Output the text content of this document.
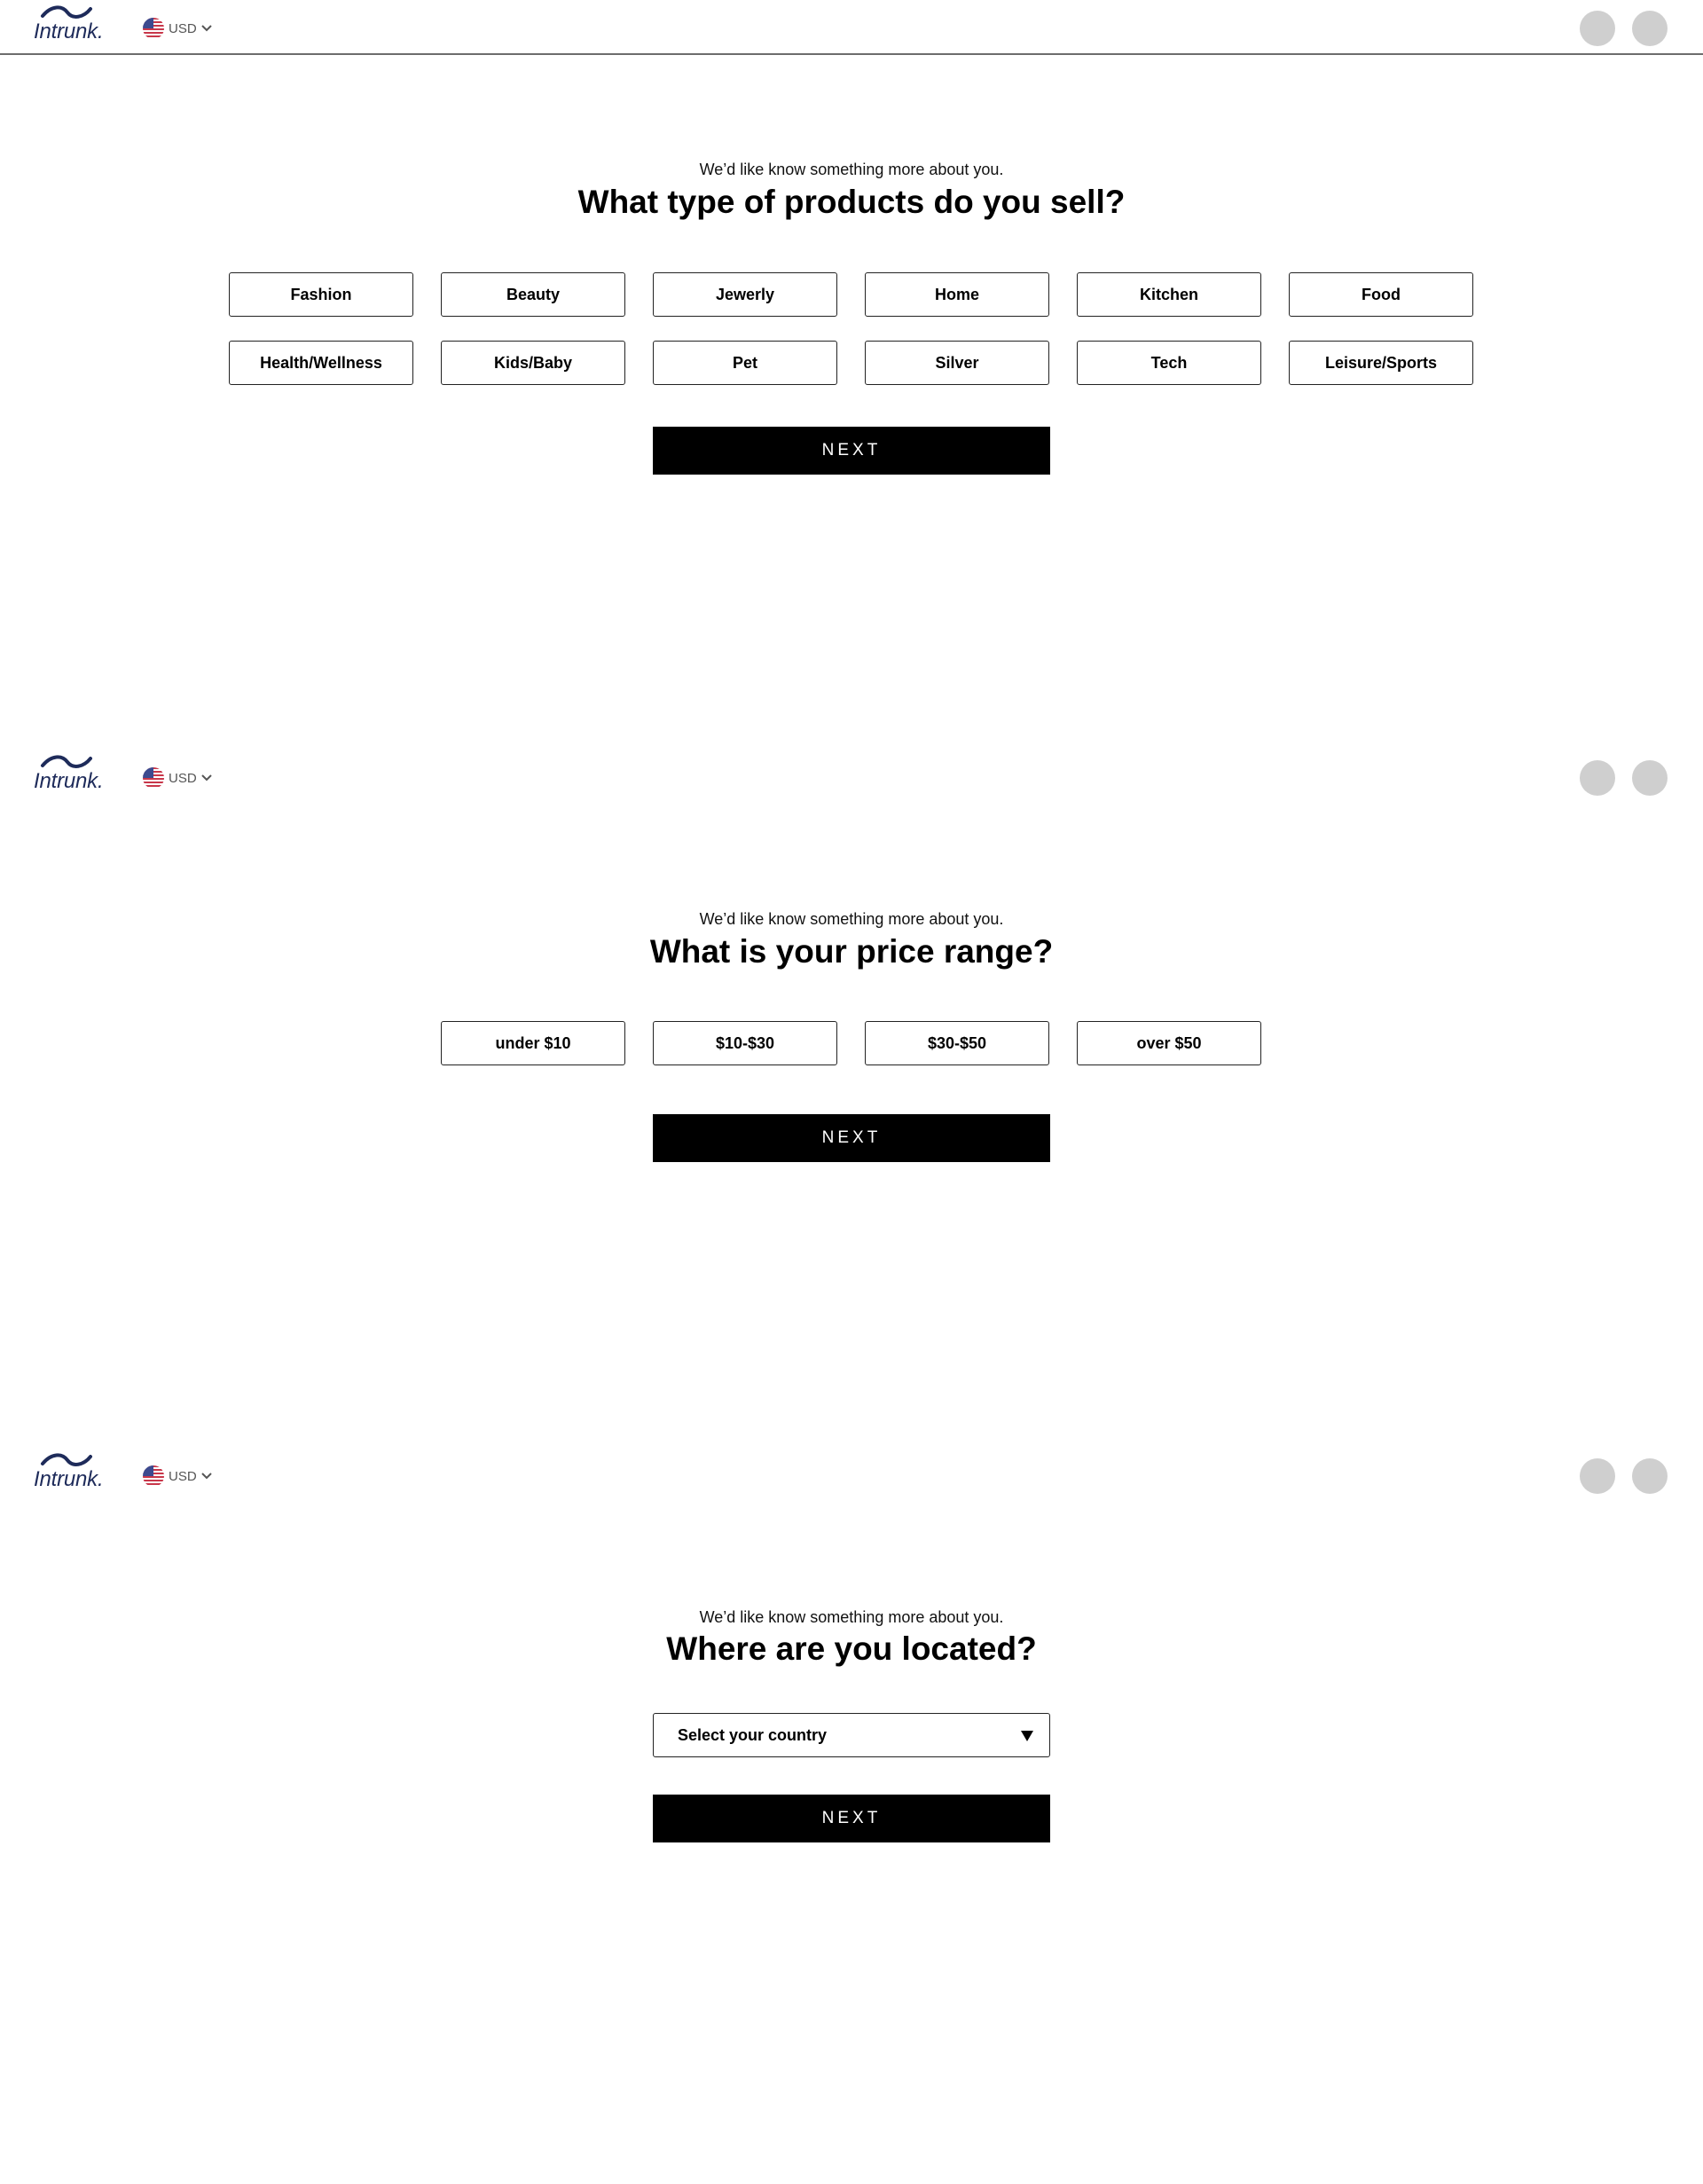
Intrunk.	USD
We’d like know something more about you.
What type of products do you sell?
Fashion	Beauty	Jewerly	Home	Kitchen	Food
Health/Wellness	Kids/Baby	Pet	Silver	Tech	Leisure/Sports
NEXT
Intrunk.	USD
We’d like know something more about you.
What is your price range?
under $10	$10-$30	$30-$50	over $50
NEXT
Intrunk.	USD
We’d like know something more about you.
Where are you located?
Select your country
NEXT
